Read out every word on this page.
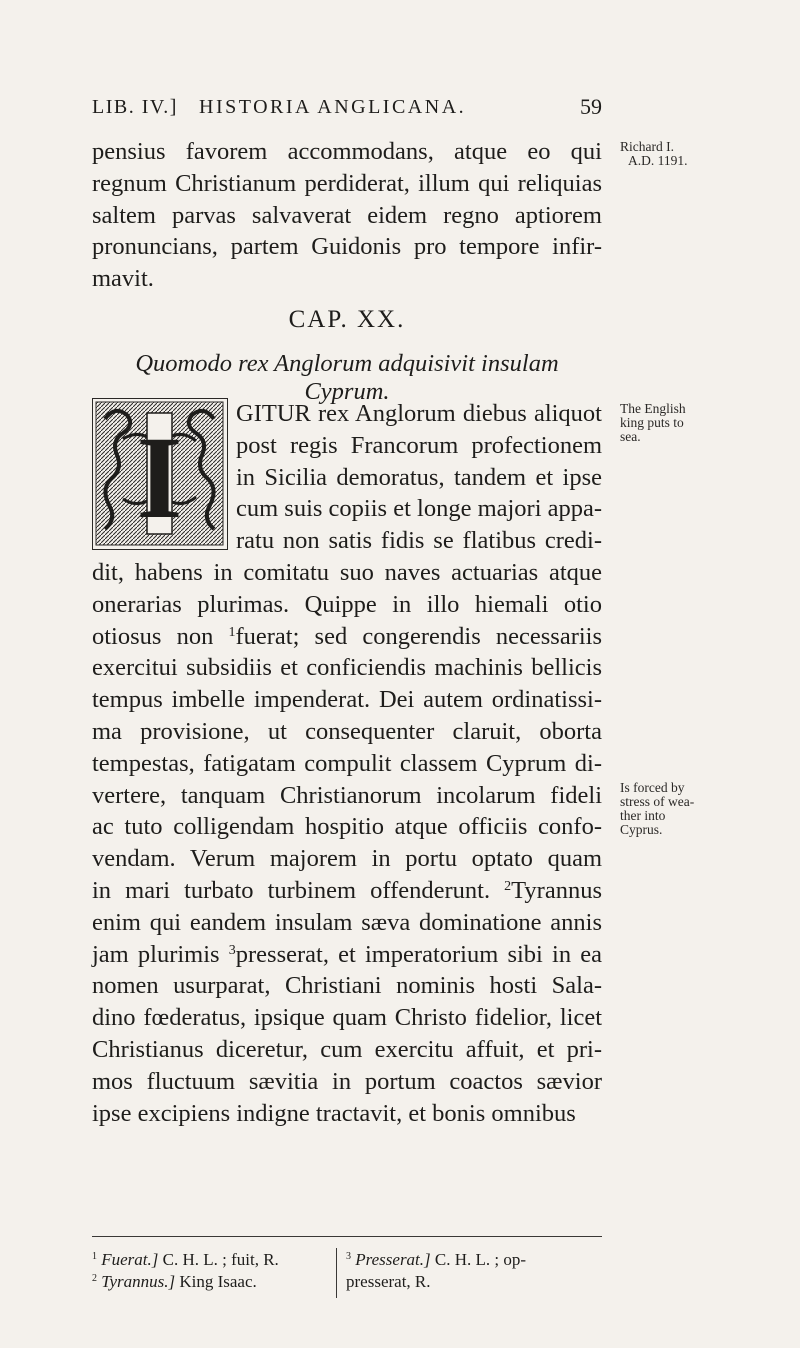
LIB. IV.] HISTORIA ANGLICANA.	59
pensius favorem accommodans, atque eo qui
regnum Christianum perdiderat, illum qui reliquias
saltem parvas salvaverat eidem regno aptiorem
pronuncians, partem Guidonis pro tempore infir-
mavit.
CAP. XX.
Quomodo rex Anglorum adquisivit insulam Cyprum.
I GITUR rex Anglorum diebus aliquot
post regis Francorum profectionem
in Sicilia demoratus, tandem et ipse
cum suis copiis et longe majori appa-
ratu non satis fidis se flatibus credi-
dit, habens in comitatu suo naves actuarias atque
onerarias plurimas. Quippe in illo hiemali otio
otiosus non $^1$fuerat; sed congerendis necessariis
exercitui subsidiis et conficiendis machinis bellicis
tempus imbelle impenderat. Dei autem ordinatissi-
ma provisione, ut consequenter claruit, oborta
tempestas, fatigatam compulit classem Cyprum di-
vertere, tanquam Christianorum incolarum fideli
ac tuto colligendam hospitio atque officiis confo-
vendam. Verum majorem in portu optato quam
in mari turbato turbinem offenderunt. $^2$Tyrannus
enim qui eandem insulam sæva dominatione annis
jam plurimis $^3$presserat, et imperatorium sibi in ea
nomen usurparat, Christiani nominis hosti Sala-
dino fœderatus, ipsique quam Christo fidelior, licet
Christianus diceretur, cum exercitu affuit, et pri-
mos fluctuum sævitia in portum coactos sævior
ipse excipiens indigne tractavit, et bonis omnibus
Richard I.
A.D. 1191.
The English
king puts to
sea.
Is forced by
stress of wea-
ther into
Cyprus.
$^1$ Fuerat.] C. H. L. ; fuit, R.
$^2$ Tyrannus.] King Isaac.
$^3$ Presserat.] C. H. L. ; op-
presserat, R.
